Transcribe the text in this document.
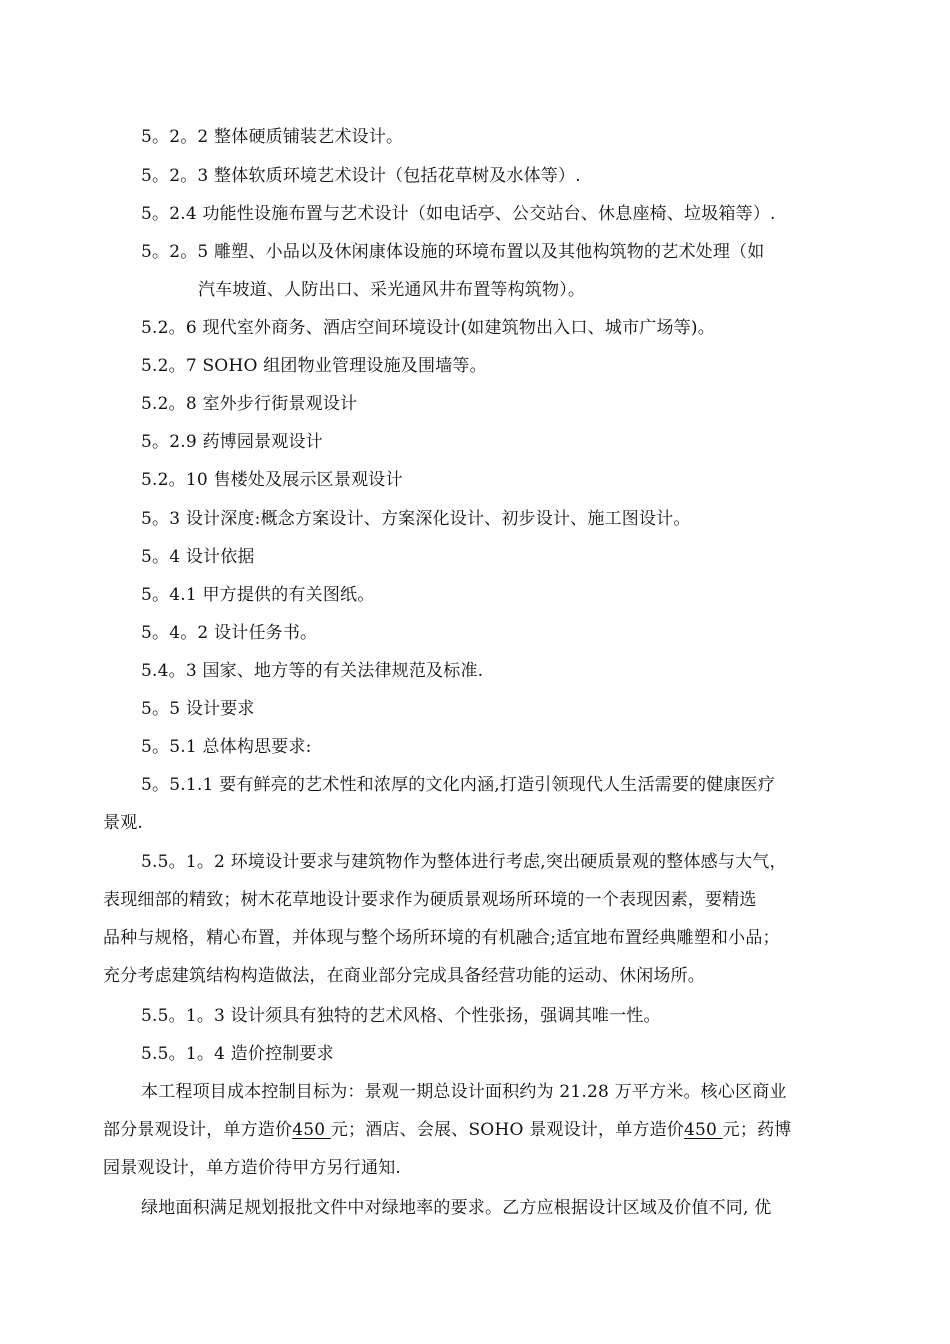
5。2。2 整体硬质铺装艺术设计。
5。2。3 整体软质环境艺术设计（包括花草树及水体等）.
5。2.4 功能性设施布置与艺术设计（如电话亭、公交站台、休息座椅、垃圾箱等）.
5。2。5 雕塑、小品以及休闲康体设施的环境布置以及其他构筑物的艺术处理（如
汽车坡道、人防出口、采光通风井布置等构筑物）。
5.2。6 现代室外商务、酒店空间环境设计(如建筑物出入口、城市广场等)。
5.2。7 SOHO 组团物业管理设施及围墙等。
5.2。8 室外步行街景观设计
5。2.9 药博园景观设计
5.2。10 售楼处及展示区景观设计
5。3 设计深度:概念方案设计、方案深化设计、初步设计、施工图设计。
5。4 设计依据
5。4.1 甲方提供的有关图纸。
5。4。2 设计任务书。
5.4。3 国家、地方等的有关法律规范及标准.
5。5 设计要求
5。5.1 总体构思要求:
5。5.1.1 要有鲜亮的艺术性和浓厚的文化内涵,打造引领现代人生活需要的健康医疗
景观.
5.5。1。2 环境设计要求与建筑物作为整体进行考虑,突出硬质景观的整体感与大气，
表现细部的精致；树木花草地设计要求作为硬质景观场所环境的一个表现因素，要精选
品种与规格，精心布置，并体现与整个场所环境的有机融合;适宜地布置经典雕塑和小品；
充分考虑建筑结构构造做法，在商业部分完成具备经营功能的运动、休闲场所。
5.5。1。3 设计须具有独特的艺术风格、个性张扬，强调其唯一性。
5.5。1。4 造价控制要求
本工程项目成本控制目标为：景观一期总设计面积约为 21.28 万平方米。核心区商业
部分景观设计，单方造价450 元；酒店、会展、SOHO 景观设计，单方造价450 元；药博
园景观设计，单方造价待甲方另行通知.
绿地面积满足规划报批文件中对绿地率的要求。乙方应根据设计区域及价值不同, 优
